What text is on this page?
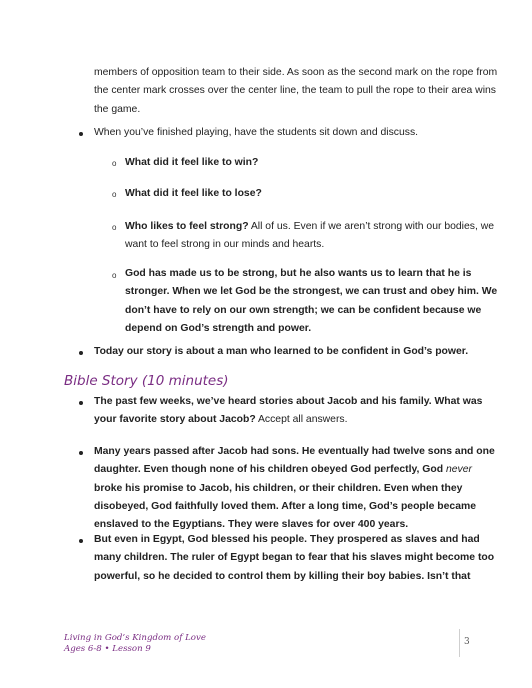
members of opposition team to their side. As soon as the second mark on the rope from
the center mark crosses over the center line, the team to pull the rope to their area wins
the game.
When you’ve finished playing, have the students sit down and discuss.
o What did it feel like to win?
o What did it feel like to lose?
o Who likes to feel strong? All of us. Even if we aren’t strong with our bodies, we
want to feel strong in our minds and hearts.
o God has made us to be strong, but he also wants us to learn that he is
stronger. When we let God be the strongest, we can trust and obey him. We
don’t have to rely on our own strength; we can be confident because we
depend on God’s strength and power.
Today our story is about a man who learned to be confident in God’s power.
Bible Story (10 minutes)
The past few weeks, we’ve heard stories about Jacob and his family. What was
your favorite story about Jacob? Accept all answers.
Many years passed after Jacob had sons. He eventually had twelve sons and one
daughter. Even though none of his children obeyed God perfectly, God never
broke his promise to Jacob, his children, or their children. Even when they
disobeyed, God faithfully loved them. After a long time, God’s people became
enslaved to the Egyptians. They were slaves for over 400 years.
But even in Egypt, God blessed his people. They prospered as slaves and had
many children. The ruler of Egypt began to fear that his slaves might become too
powerful, so he decided to control them by killing their boy babies. Isn’t that
Living in God’s Kingdom of Love
Ages 6-8 • Lesson 9
3
